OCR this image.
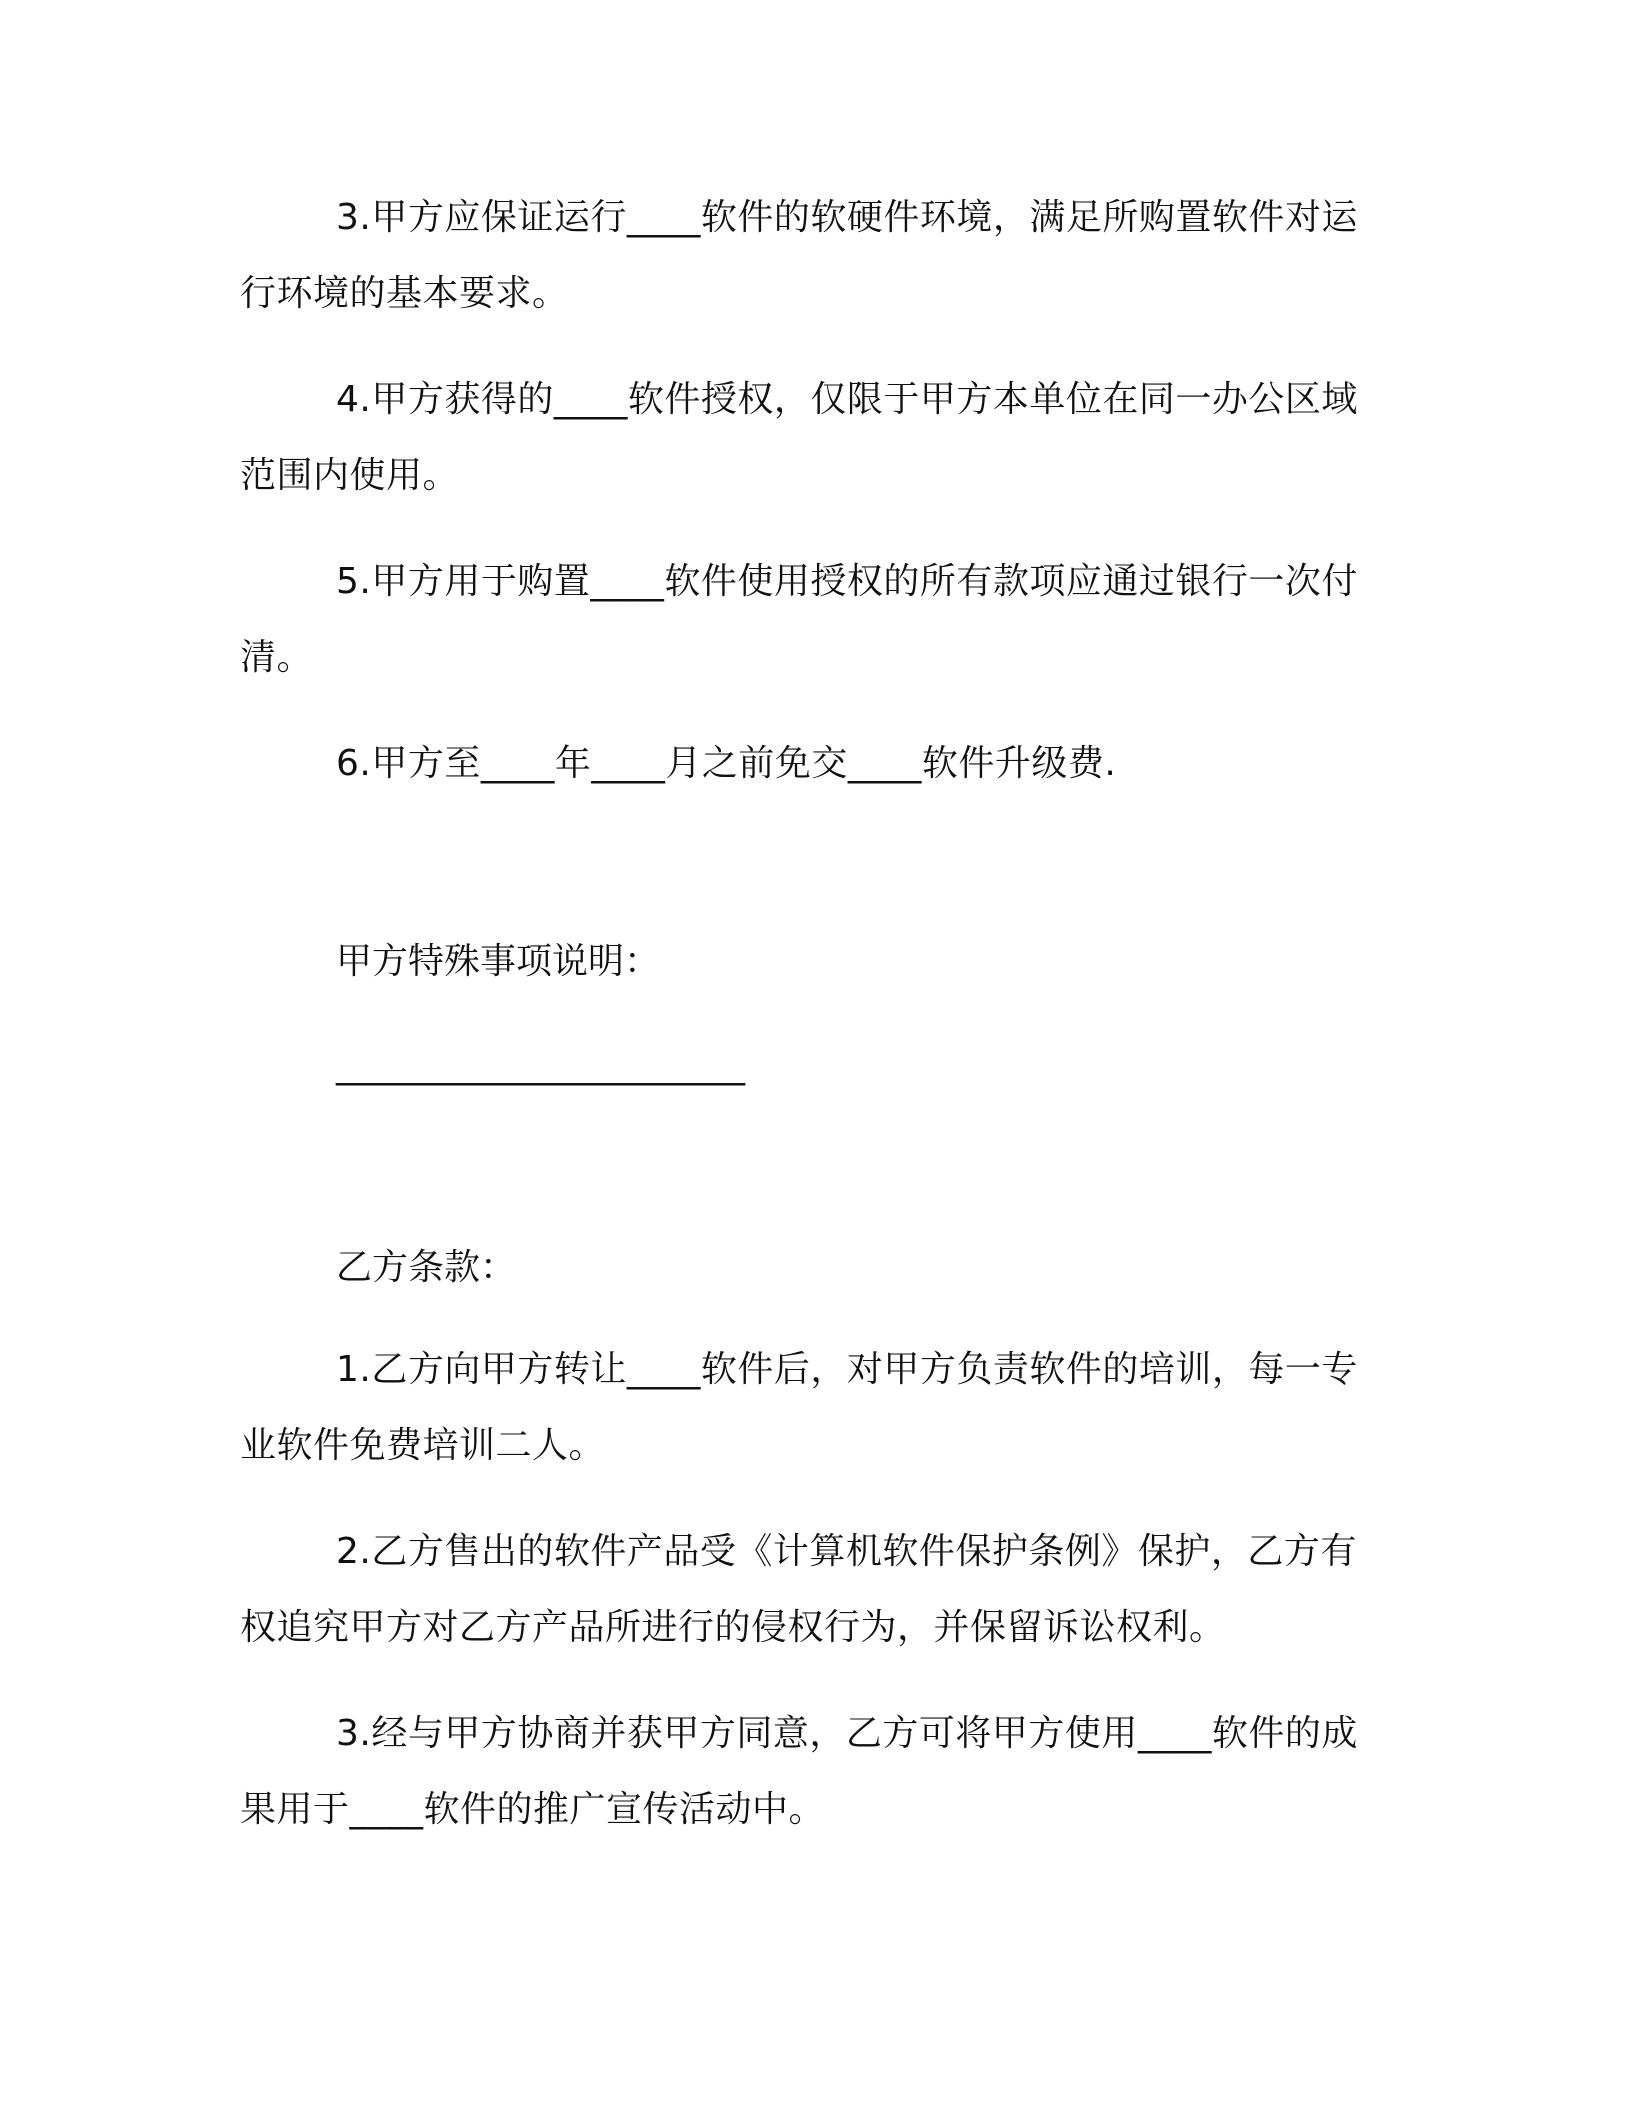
3.甲方应保证运行____软件的软硬件环境，满足所购置软件对运行环境的基本要求。

4.甲方获得的____软件授权，仅限于甲方本单位在同一办公区域范围内使用。

5.甲方用于购置____软件使用授权的所有款项应通过银行一次付清。

6.甲方至____年____月之前免交____软件升级费.

甲方特殊事项说明：

________________________

乙方条款：

1.乙方向甲方转让____软件后，对甲方负责软件的培训，每一专业软件免费培训二人。

2.乙方售出的软件产品受《计算机软件保护条例》保护，乙方有权追究甲方对乙方产品所进行的侵权行为，并保留诉讼权利。

3.经与甲方协商并获甲方同意，乙方可将甲方使用____软件的成果用于____软件的推广宣传活动中。
